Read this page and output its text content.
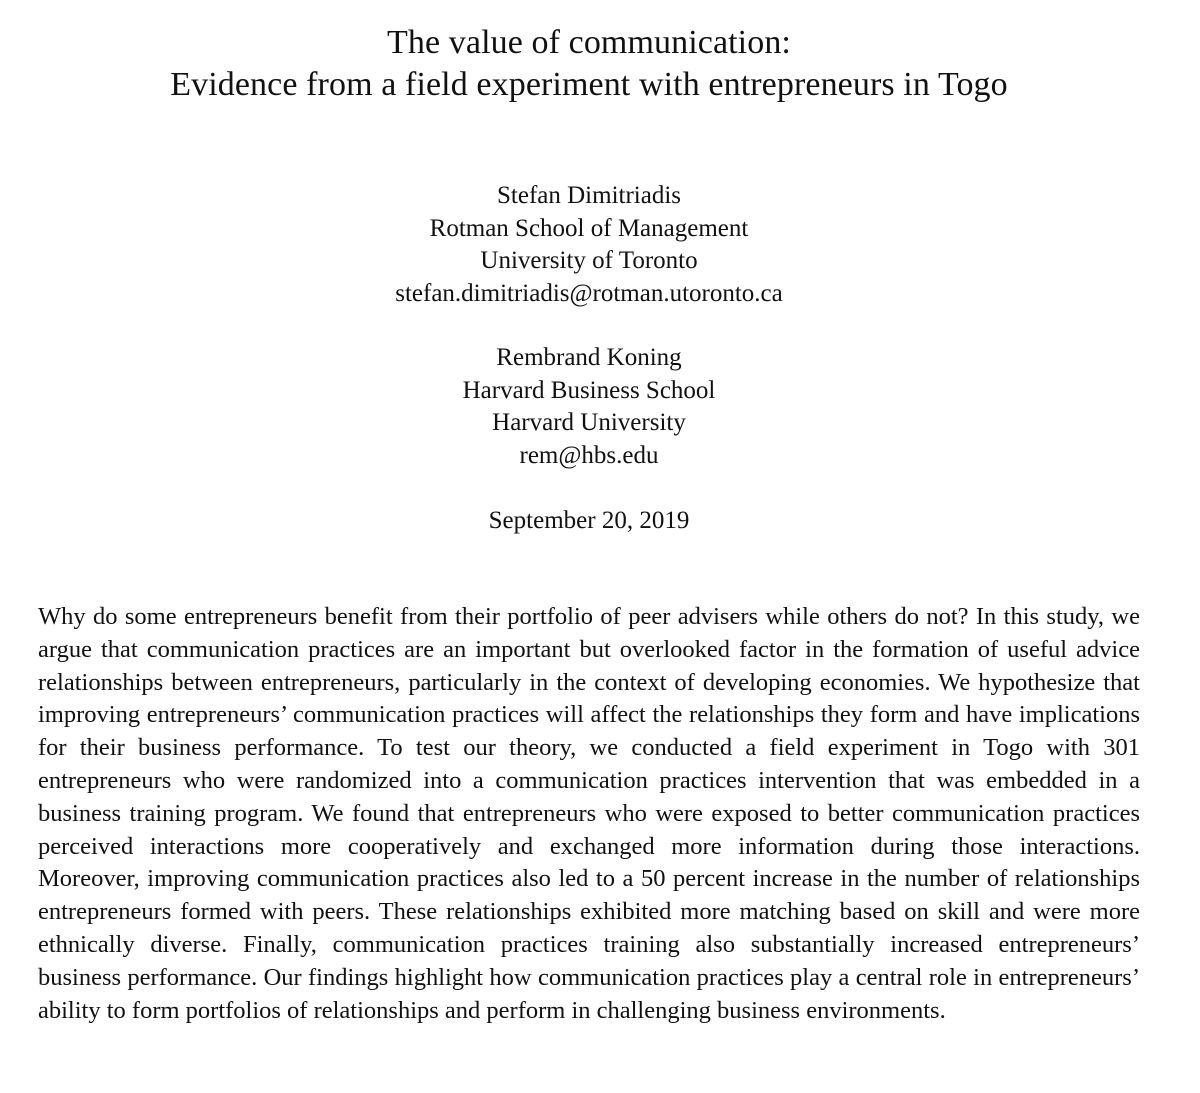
The value of communication:
Evidence from a field experiment with entrepreneurs in Togo
Stefan Dimitriadis
Rotman School of Management
University of Toronto
stefan.dimitriadis@rotman.utoronto.ca
Rembrand Koning
Harvard Business School
Harvard University
rem@hbs.edu
September 20, 2019

Why do some entrepreneurs benefit from their portfolio of peer advisers while others do not? In this study, we argue that communication practices are an important but overlooked factor in the formation of useful advice relationships between entrepreneurs, particularly in the context of developing economies. We hypothesize that improving entrepreneurs’ communication practices will affect the relationships they form and have implications for their business performance. To test our theory, we conducted a field experiment in Togo with 301 entrepreneurs who were randomized into a communication practices intervention that was embedded in a business training program. We found that entrepreneurs who were exposed to better communication practices perceived interactions more cooperatively and exchanged more information during those interactions. Moreover, improving communication practices also led to a 50 percent increase in the number of relationships entrepreneurs formed with peers. These relationships exhibited more matching based on skill and were more ethnically diverse. Finally, communication practices training also substantially increased entrepreneurs’ business performance. Our findings highlight how communication practices play a central role in entrepreneurs’ ability to form portfolios of relationships and perform in challenging business environments.
